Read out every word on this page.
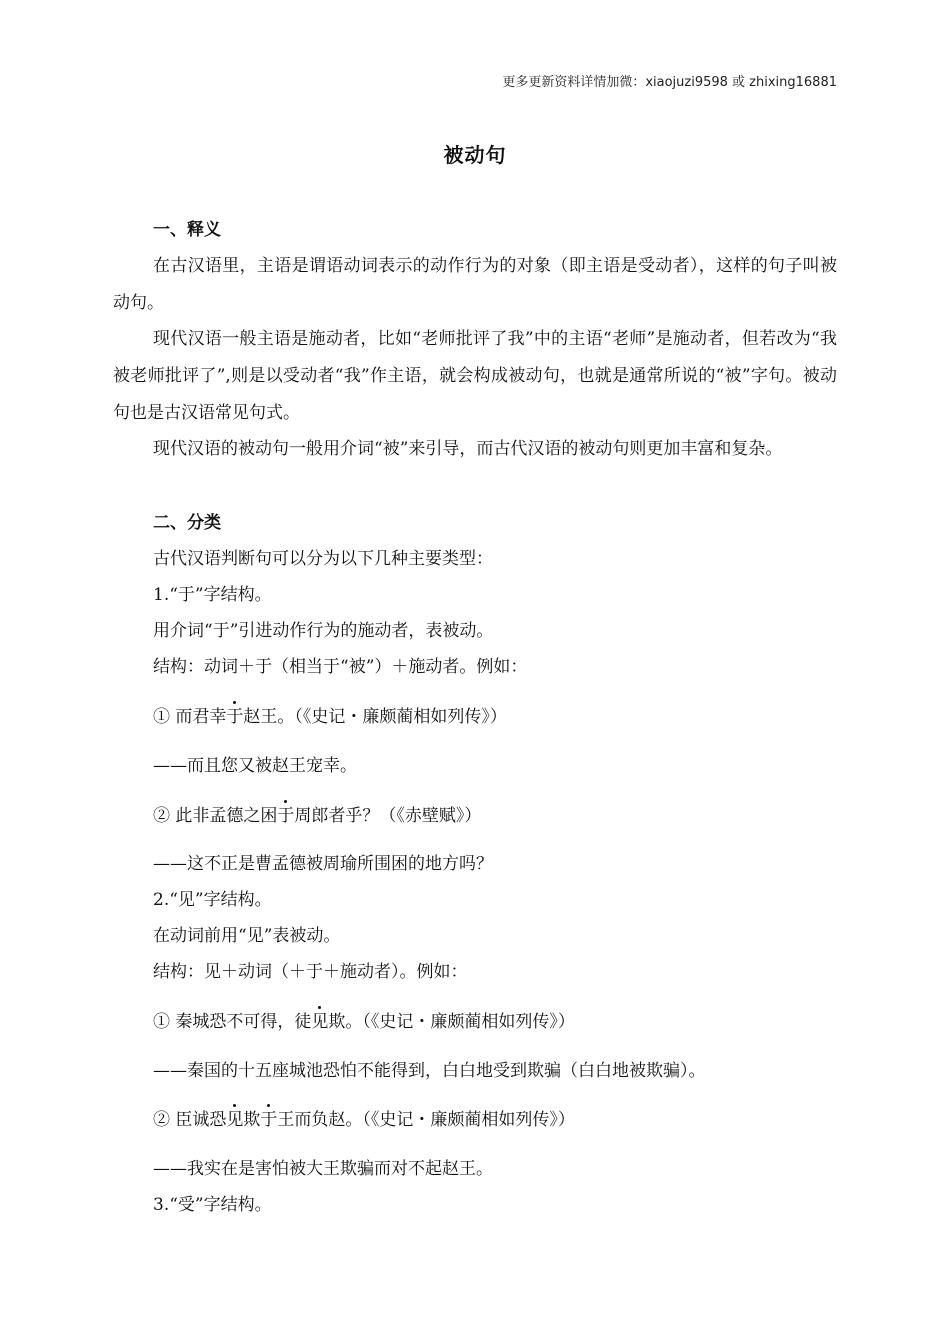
更多更新资料详情加微：xiaojuzi9598 或 zhixing16881
被动句
一、释义
在古汉语里，主语是谓语动词表示的动作行为的对象（即主语是受动者），这样的句子叫被动句。
现代汉语一般主语是施动者，比如“老师批评了我”中的主语“老师”是施动者，但若改为“我被老师批评了”,则是以受动者“我”作主语，就会构成被动句，也就是通常所说的“被”字句。被动句也是古汉语常见句式。
现代汉语的被动句一般用介词“被”来引导，而古代汉语的被动句则更加丰富和复杂。
二、分类
古代汉语判断句可以分为以下几种主要类型：
1.“于”字结构。
用介词“于”引进动作行为的施动者，表被动。
结构：动词＋于（相当于“被”）＋施动者。例如：
① 而君幸于赵王。（《史记・廉颇蔺相如列传》）
——而且您又被赵王宠幸。
② 此非孟德之困于周郎者乎？（《赤壁赋》）
——这不正是曹孟德被周瑜所围困的地方吗？
2.“见”字结构。
在动词前用“见”表被动。
结构：见＋动词（＋于＋施动者）。例如：
① 秦城恐不可得，徒见欺。（《史记・廉颇蔺相如列传》）
——秦国的十五座城池恐怕不能得到，白白地受到欺骗（白白地被欺骗）。
② 臣诚恐见欺于王而负赵。（《史记・廉颇蔺相如列传》）
——我实在是害怕被大王欺骗而对不起赵王。
3.“受”字结构。
